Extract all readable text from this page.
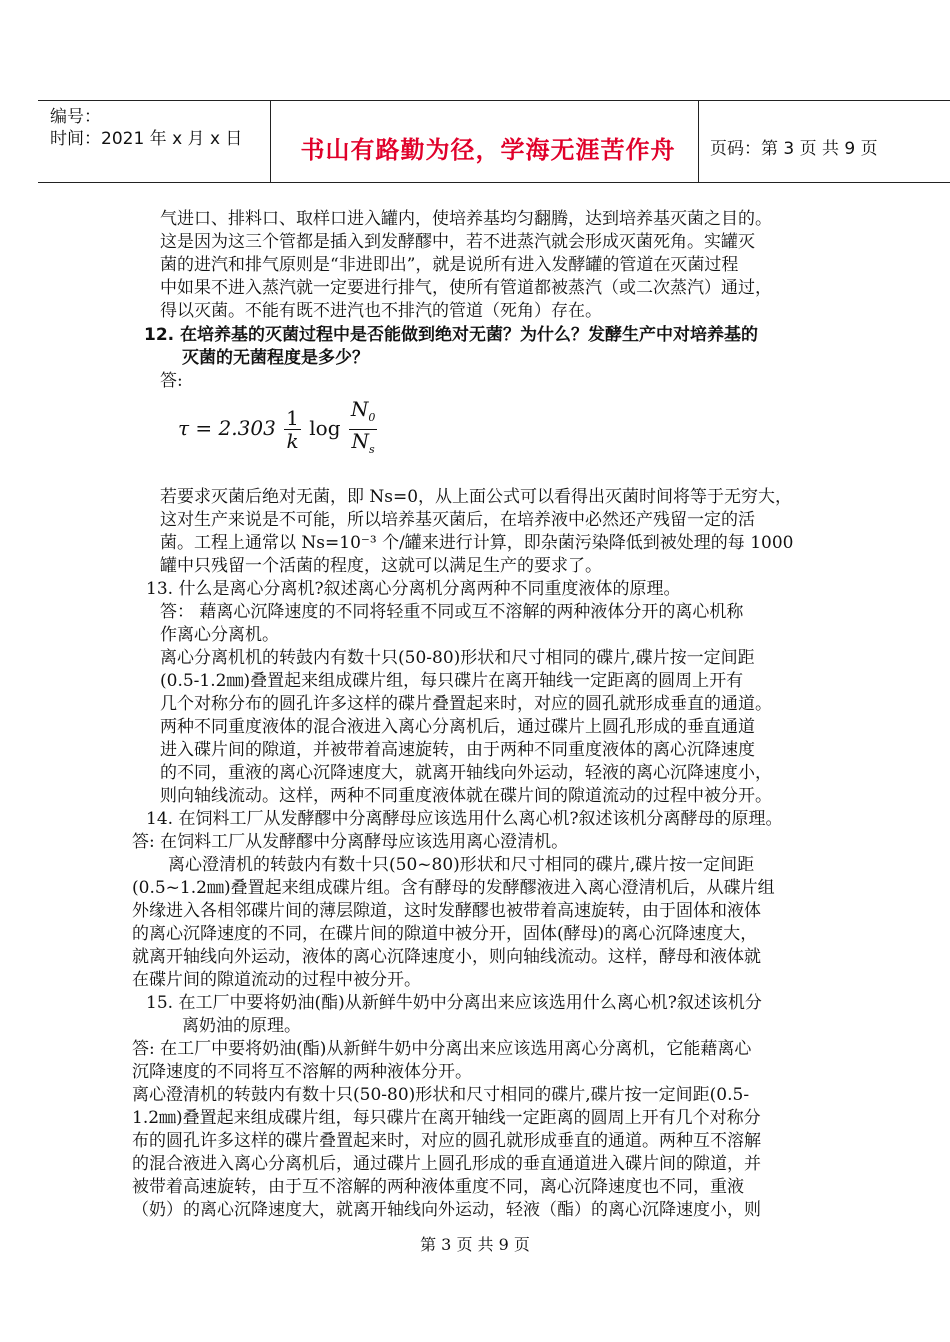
编号：
时间：2021 年 x 月 x 日	书山有路勤为径，学海无涯苦作舟	页码：第 3 页 共 9 页
气进口、排料口、取样口进入罐内，使培养基均匀翻腾，达到培养基灭菌之目的。
这是因为这三个管都是插入到发酵醪中，若不进蒸汽就会形成灭菌死角。实罐灭
菌的进汽和排气原则是“非进即出”，就是说所有进入发酵罐的管道在灭菌过程
中如果不进入蒸汽就一定要进行排气，使所有管道都被蒸汽（或二次蒸汽）通过，
得以灭菌。不能有既不进汽也不排汽的管道（死角）存在。
12. 在培养基的灭菌过程中是否能做到绝对无菌？为什么？发酵生产中对培养基的
灭菌的无菌程度是多少？
答:
$\tau = 2.303 \frac{1}{k}$ $\log \frac{N_0}{N_s}$
若要求灭菌后绝对无菌，即 Ns=0，从上面公式可以看得出灭菌时间将等于无穷大，
这对生产来说是不可能，所以培养基灭菌后，在培养液中必然还产残留一定的活
菌。工程上通常以 Ns=10⁻³ 个/罐来进行计算，即杂菌污染降低到被处理的每 1000
罐中只残留一个活菌的程度，这就可以满足生产的要求了。
13. 什么是离心分离机?叙述离心分离机分离两种不同重度液体的原理。
答： 藉离心沉降速度的不同将轻重不同或互不溶解的两种液体分开的离心机称
作离心分离机。
离心分离机机的转鼓内有数十只(50-80)形状和尺寸相同的碟片,碟片按一定间距
(0.5-1.2㎜)叠置起来组成碟片组，每只碟片在离开轴线一定距离的圆周上开有
几个对称分布的圆孔许多这样的碟片叠置起来时，对应的圆孔就形成垂直的通道。
两种不同重度液体的混合液进入离心分离机后，通过碟片上圆孔形成的垂直通道
进入碟片间的隙道，并被带着高速旋转，由于两种不同重度液体的离心沉降速度
的不同，重液的离心沉降速度大，就离开轴线向外运动，轻液的离心沉降速度小，
则向轴线流动。这样，两种不同重度液体就在碟片间的隙道流动的过程中被分开。
14. 在饲料工厂从发酵醪中分离酵母应该选用什么离心机?叙述该机分离酵母的原理。
答: 在饲料工厂从发酵醪中分离酵母应该选用离心澄清机。
离心澄清机的转鼓内有数十只(50~80)形状和尺寸相同的碟片,碟片按一定间距
(0.5~1.2㎜)叠置起来组成碟片组。含有酵母的发酵醪液进入离心澄清机后，从碟片组
外缘进入各相邻碟片间的薄层隙道，这时发酵醪也被带着高速旋转，由于固体和液体
的离心沉降速度的不同，在碟片间的隙道中被分开，固体(酵母)的离心沉降速度大，
就离开轴线向外运动，液体的离心沉降速度小，则向轴线流动。这样，酵母和液体就
在碟片间的隙道流动的过程中被分开。
15. 在工厂中要将奶油(酯)从新鲜牛奶中分离出来应该选用什么离心机?叙述该机分
离奶油的原理。
答: 在工厂中要将奶油(酯)从新鲜牛奶中分离出来应该选用离心分离机，它能藉离心
沉降速度的不同将互不溶解的两种液体分开。
离心澄清机的转鼓内有数十只(50-80)形状和尺寸相同的碟片,碟片按一定间距(0.5-
1.2㎜)叠置起来组成碟片组，每只碟片在离开轴线一定距离的圆周上开有几个对称分
布的圆孔许多这样的碟片叠置起来时，对应的圆孔就形成垂直的通道。两种互不溶解
的混合液进入离心分离机后，通过碟片上圆孔形成的垂直通道进入碟片间的隙道，并
被带着高速旋转，由于互不溶解的两种液体重度不同，离心沉降速度也不同，重液
（奶）的离心沉降速度大，就离开轴线向外运动，轻液（酯）的离心沉降速度小，则
第 3 页 共 9 页
